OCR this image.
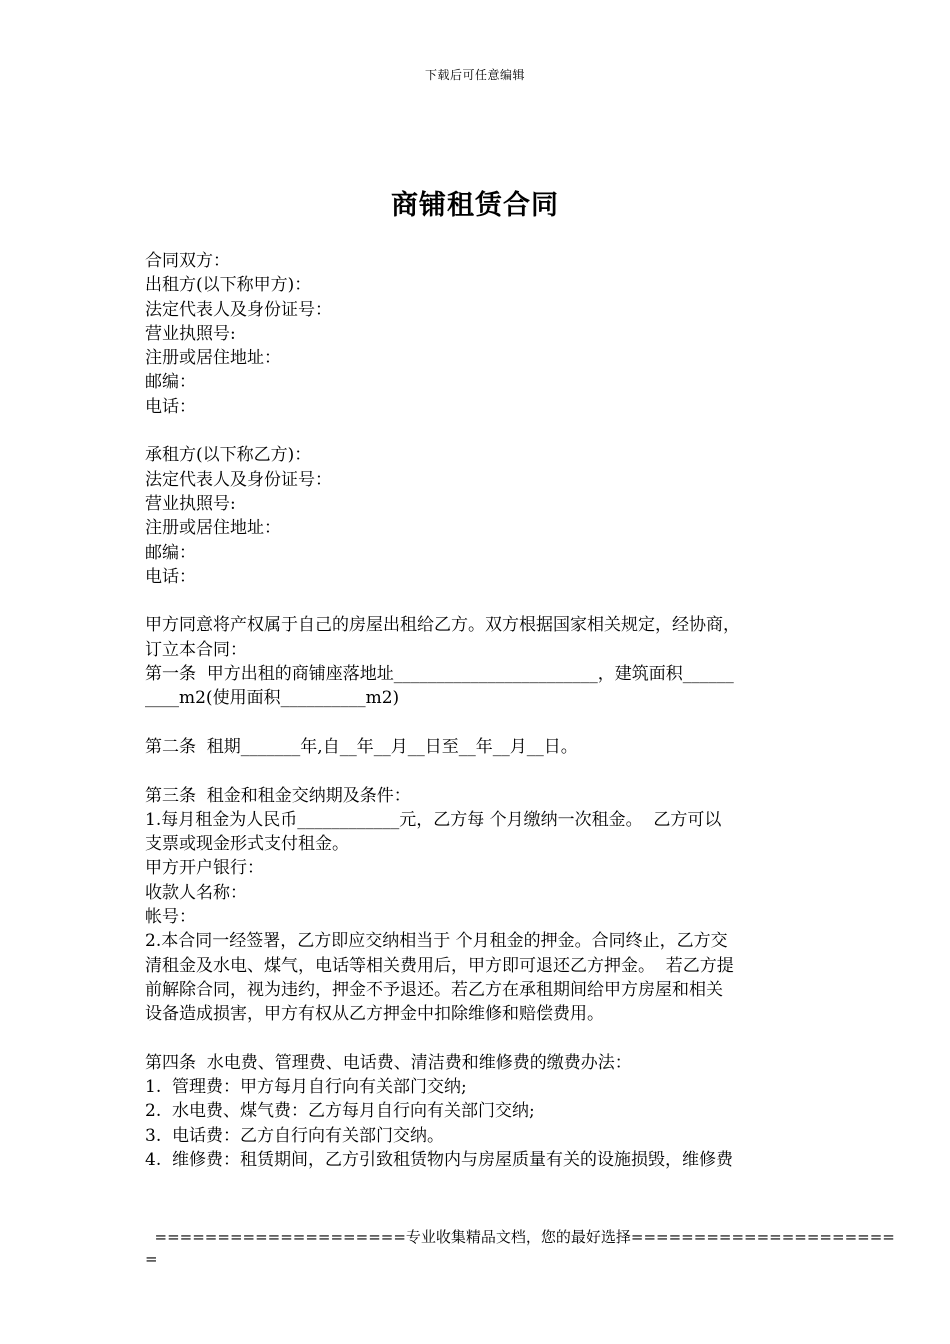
下载后可任意编辑
商铺租赁合同
合同双方：
出租方(以下称甲方)：
法定代表人及身份证号：
营业执照号:
注册或居住地址：
邮编：
电话：
承租方(以下称乙方)：
法定代表人及身份证号：
营业执照号:
注册或居住地址：
邮编：
电话：
甲方同意将产权属于自己的房屋出租给乙方。双方根据国家相关规定，经协商，
订立本合同：
第一条  甲方出租的商铺座落地址________________________，建筑面积______
____m2(使用面积__________m2)
第二条  租期_______年,自__年__月__日至__年__月__日。
第三条  租金和租金交纳期及条件：
1.每月租金为人民币____________元，乙方每 个月缴纳一次租金。  乙方可以
支票或现金形式支付租金。
甲方开户银行：
收款人名称：
帐号：
2.本合同一经签署，乙方即应交纳相当于 个月租金的押金。合同终止，乙方交
清租金及水电、煤气，电话等相关费用后，甲方即可退还乙方押金。  若乙方提
前解除合同，视为违约，押金不予退还。若乙方在承租期间给甲方房屋和相关
设备造成损害，甲方有权从乙方押金中扣除维修和赔偿费用。
第四条  水电费、管理费、电话费、清洁费和维修费的缴费办法：
1.  管理费：甲方每月自行向有关部门交纳;
2.  水电费、煤气费：乙方每月自行向有关部门交纳;
3.  电话费：乙方自行向有关部门交纳。
4.  维修费：租赁期间，乙方引致租赁物内与房屋质量有关的设施损毁，维修费
====================专业收集精品文档，您的最好选择=====================
=
